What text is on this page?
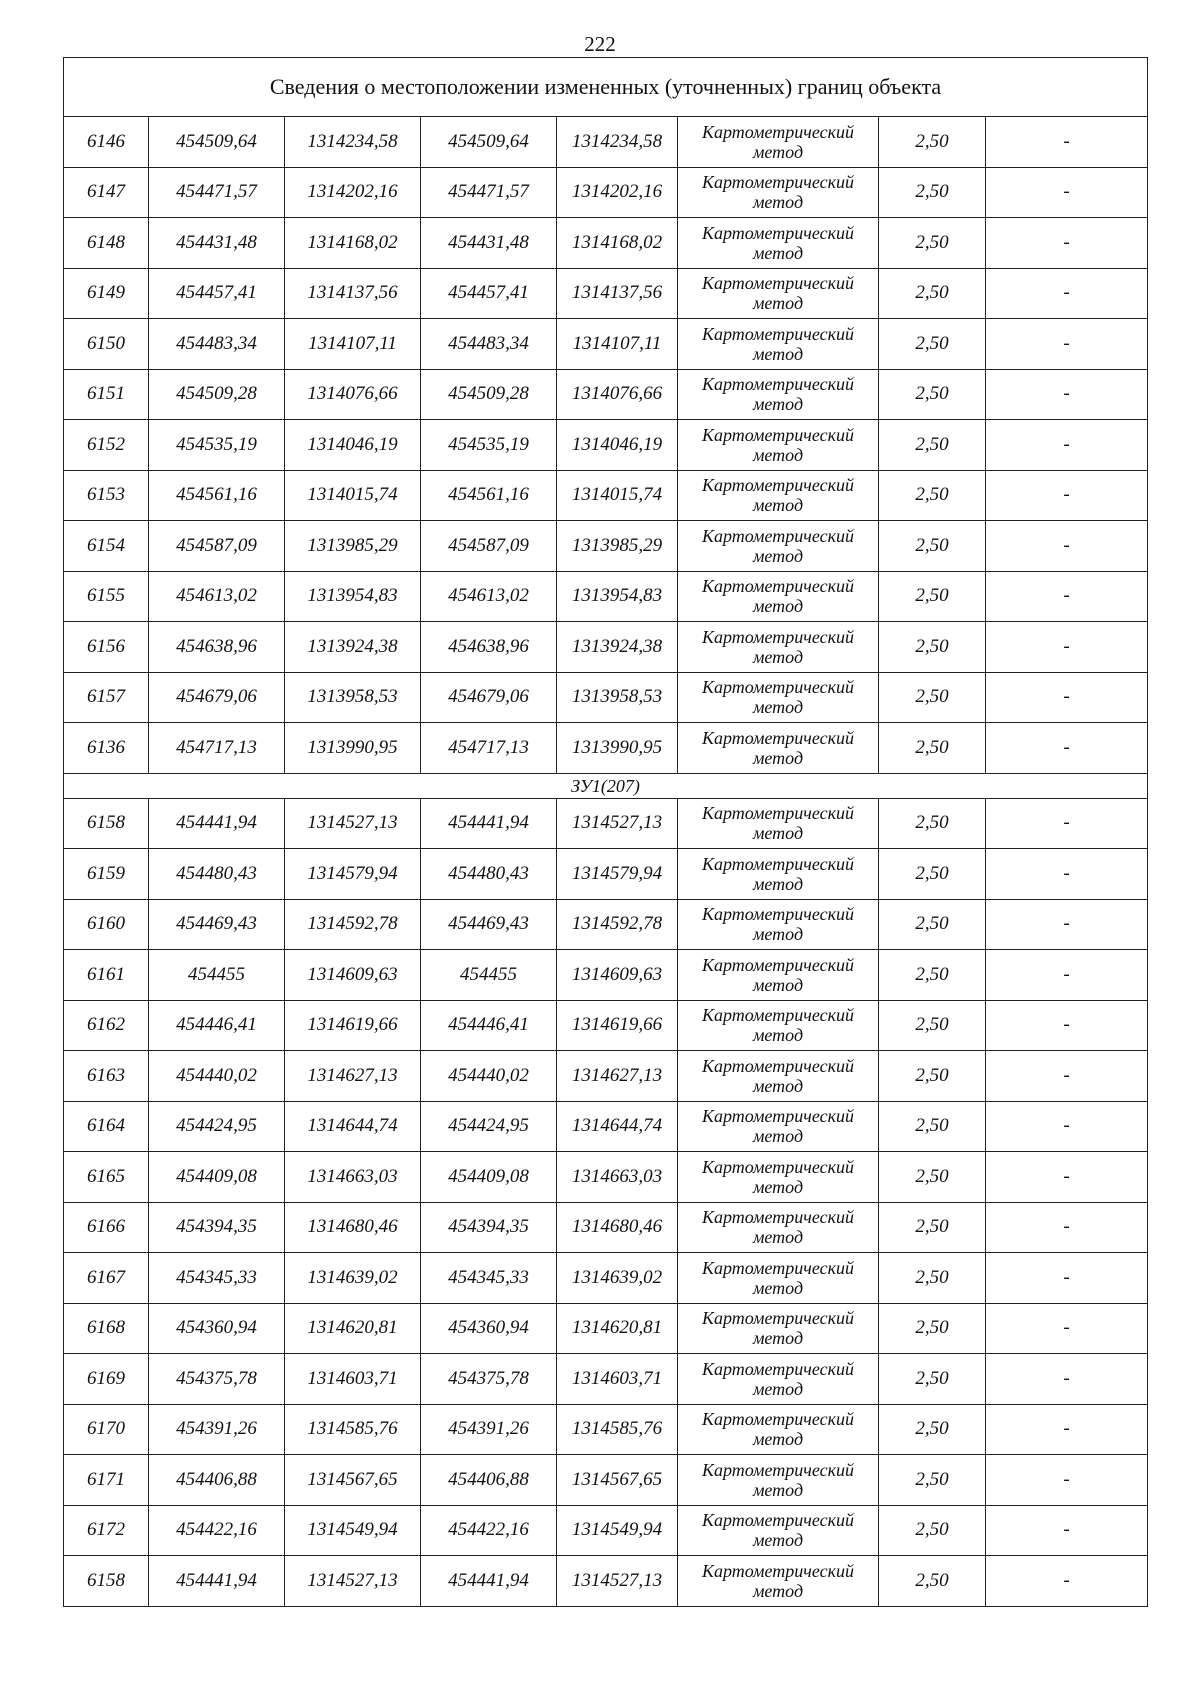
222
Сведения о местоположении измененных (уточненных) границ объекта							
6146	454509,64	1314234,58	454509,64	1314234,58	Картометрический
метод	2,50	-
6147	454471,57	1314202,16	454471,57	1314202,16	Картометрический
метод	2,50	-
6148	454431,48	1314168,02	454431,48	1314168,02	Картометрический
метод	2,50	-
6149	454457,41	1314137,56	454457,41	1314137,56	Картометрический
метод	2,50	-
6150	454483,34	1314107,11	454483,34	1314107,11	Картометрический
метод	2,50	-
6151	454509,28	1314076,66	454509,28	1314076,66	Картометрический
метод	2,50	-
6152	454535,19	1314046,19	454535,19	1314046,19	Картометрический
метод	2,50	-
6153	454561,16	1314015,74	454561,16	1314015,74	Картометрический
метод	2,50	-
6154	454587,09	1313985,29	454587,09	1313985,29	Картометрический
метод	2,50	-
6155	454613,02	1313954,83	454613,02	1313954,83	Картометрический
метод	2,50	-
6156	454638,96	1313924,38	454638,96	1313924,38	Картометрический
метод	2,50	-
6157	454679,06	1313958,53	454679,06	1313958,53	Картометрический
метод	2,50	-
6136	454717,13	1313990,95	454717,13	1313990,95	Картометрический
метод	2,50	-
ЗУ1(207)							
6158	454441,94	1314527,13	454441,94	1314527,13	Картометрический
метод	2,50	-
6159	454480,43	1314579,94	454480,43	1314579,94	Картометрический
метод	2,50	-
6160	454469,43	1314592,78	454469,43	1314592,78	Картометрический
метод	2,50	-
6161	454455	1314609,63	454455	1314609,63	Картометрический
метод	2,50	-
6162	454446,41	1314619,66	454446,41	1314619,66	Картометрический
метод	2,50	-
6163	454440,02	1314627,13	454440,02	1314627,13	Картометрический
метод	2,50	-
6164	454424,95	1314644,74	454424,95	1314644,74	Картометрический
метод	2,50	-
6165	454409,08	1314663,03	454409,08	1314663,03	Картометрический
метод	2,50	-
6166	454394,35	1314680,46	454394,35	1314680,46	Картометрический
метод	2,50	-
6167	454345,33	1314639,02	454345,33	1314639,02	Картометрический
метод	2,50	-
6168	454360,94	1314620,81	454360,94	1314620,81	Картометрический
метод	2,50	-
6169	454375,78	1314603,71	454375,78	1314603,71	Картометрический
метод	2,50	-
6170	454391,26	1314585,76	454391,26	1314585,76	Картометрический
метод	2,50	-
6171	454406,88	1314567,65	454406,88	1314567,65	Картометрический
метод	2,50	-
6172	454422,16	1314549,94	454422,16	1314549,94	Картометрический
метод	2,50	-
6158	454441,94	1314527,13	454441,94	1314527,13	Картометрический
метод	2,50	-
